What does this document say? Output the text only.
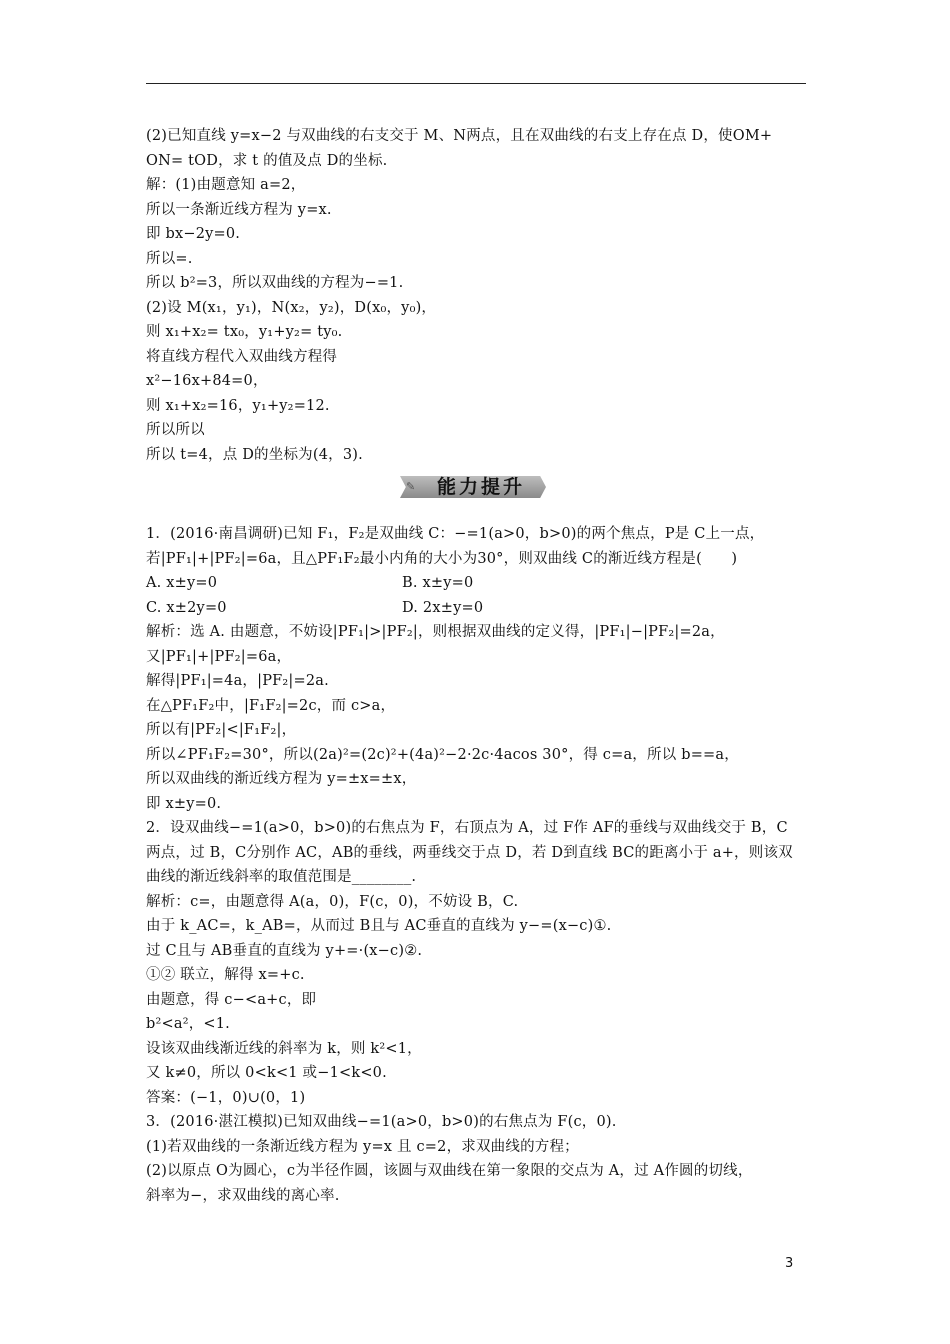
(2)已知直线 y=x−2 与双曲线的右支交于 M、N两点，且在双曲线的右支上存在点 D，使OM+
ON= tOD，求 t 的值及点 D的坐标.
解：(1)由题意知 a=2，
所以一条渐近线方程为 y=x.
即 bx−2y=0.
所以=.
所以 b²=3，所以双曲线的方程为−=1.
(2)设 M(x₁，y₁)，N(x₂，y₂)，D(x₀，y₀)，
则 x₁+x₂= tx₀，y₁+y₂= ty₀.
将直线方程代入双曲线方程得
x²−16x+84=0，
则 x₁+x₂=16，y₁+y₂=12.
所以所以
所以 t=4，点 D的坐标为(4，3).
✎	能力提升
1．(2016·南昌调研)已知 F₁，F₂是双曲线 C：−=1(a>0，b>0)的两个焦点，P是 C上一点，
若|PF₁|+|PF₂|=6a，且△PF₁F₂最小内角的大小为30°，则双曲线 C的渐近线方程是(　　)
A. x±y=0	B. x±y=0
C. x±2y=0	D. 2x±y=0
解析：选 A. 由题意，不妨设|PF₁|>|PF₂|，则根据双曲线的定义得，|PF₁|−|PF₂|=2a，
又|PF₁|+|PF₂|=6a，
解得|PF₁|=4a，|PF₂|=2a.
在△PF₁F₂中，|F₁F₂|=2c，而 c>a，
所以有|PF₂|<|F₁F₂|，
所以∠PF₁F₂=30°，所以(2a)²=(2c)²+(4a)²−2·2c·4acos 30°，得 c=a，所以 b==a，
所以双曲线的渐近线方程为 y=±x=±x，
即 x±y=0.
2．设双曲线−=1(a>0，b>0)的右焦点为 F，右顶点为 A，过 F作 AF的垂线与双曲线交于 B，C
两点，过 B，C分别作 AC，AB的垂线，两垂线交于点 D，若 D到直线 BC的距离小于 a+，则该双
曲线的渐近线斜率的取值范围是________.
解析：c=，由题意得 A(a，0)，F(c，0)，不妨设 B，C.
由于 k_AC=，k_AB=，从而过 B且与 AC垂直的直线为 y−=(x−c)①.
过 C且与 AB垂直的直线为 y+=·(x−c)②.
①② 联立，解得 x=+c.
由题意，得 c−<a+c，即
b²<a²，<1.
设该双曲线渐近线的斜率为 k，则 k²<1，
又 k≠0，所以 0<k<1 或−1<k<0.
答案：(−1，0)∪(0，1)
3．(2016·湛江模拟)已知双曲线−=1(a>0，b>0)的右焦点为 F(c，0).
(1)若双曲线的一条渐近线方程为 y=x 且 c=2，求双曲线的方程；
(2)以原点 O为圆心，c为半径作圆，该圆与双曲线在第一象限的交点为 A，过 A作圆的切线，
斜率为−，求双曲线的离心率.
3
